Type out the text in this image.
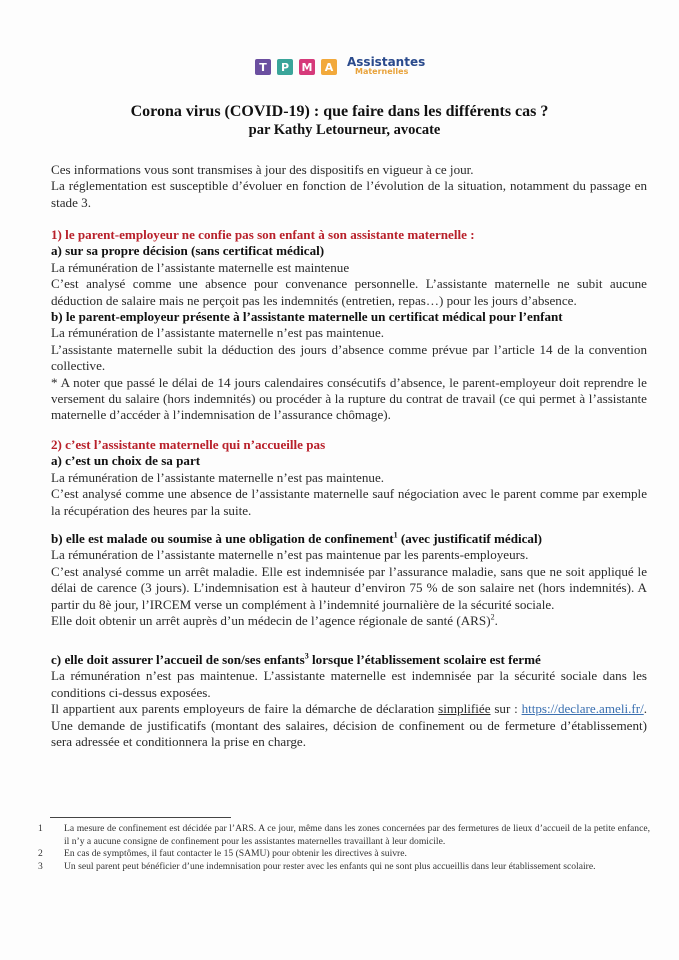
T	P	M	A	Assistantes
Maternelles
Corona virus (COVID-19) : que faire dans les différents cas ?
par Kathy Letourneur, avocate

Ces informations vous sont transmises à jour des dispositifs en vigueur à ce jour.

La réglementation est susceptible d’évoluer en fonction de l’évolution de la situation, notamment du passage en stade 3.

1) le parent-employeur ne confie pas son enfant à son assistante maternelle :

a) sur sa propre décision (sans certificat médical)

La rémunération de l’assistante maternelle est maintenue

C’est analysé comme une absence pour convenance personnelle. L’assistante maternelle ne subit aucune déduction de salaire mais ne perçoit pas les indemnités (entretien, repas…) pour les jours d’absence.

b) le parent-employeur présente à l’assistante maternelle un certificat médical pour l’enfant

La rémunération de l’assistante maternelle n’est pas maintenue.

L’assistante maternelle subit la déduction des jours d’absence comme prévue par l’article 14 de la convention collective.

* A noter que passé le délai de 14 jours calendaires consécutifs d’absence, le parent-employeur doit reprendre le versement du salaire (hors indemnités) ou procéder à la rupture du contrat de travail (ce qui permet à l’assistante maternelle d’accéder à l’indemnisation de l’assurance chômage).

2) c’est l’assistante maternelle qui n’accueille pas

a) c’est un choix de sa part

La rémunération de l’assistante maternelle n’est pas maintenue.

C’est analysé comme une absence de l’assistante maternelle sauf négociation avec le parent comme par exemple la récupération des heures par la suite.

b) elle est malade ou soumise à une obligation de confinement$^1$ (avec justificatif médical)

La rémunération de l’assistante maternelle n’est pas maintenue par les parents-employeurs.

C’est analysé comme un arrêt maladie. Elle est indemnisée par l’assurance maladie, sans que ne soit appliqué le délai de carence (3 jours). L’indemnisation est à hauteur d’environ 75 % de son salaire net (hors indemnités). A partir du 8è jour, l’IRCEM verse un complément à l’indemnité journalière de la sécurité sociale.

Elle doit obtenir un arrêt auprès d’un médecin de l’agence régionale de santé (ARS)$^2$.

c) elle doit assurer l’accueil de son/ses enfants$^3$ lorsque l’établissement scolaire est fermé

La rémunération n’est pas maintenue. L’assistante maternelle est indemnisée par la sécurité sociale dans les conditions ci-dessus exposées.

Il appartient aux parents employeurs de faire la démarche de déclaration simplifiée sur : https://declare.ameli.fr/. Une demande de justificatifs (montant des salaires, décision de confinement ou de fermeture d’établissement) sera adressée et conditionnera la prise en charge.

1	La mesure de confinement est décidée par l’ARS. A ce jour, même dans les zones concernées par des fermetures de lieux d’accueil de la petite enfance, il n’y a aucune consigne de confinement pour les assistantes maternelles travaillant à leur domicile.
2	En cas de symptômes, il faut contacter le 15 (SAMU) pour obtenir les directives à suivre.
3	Un seul parent peut bénéficier d’une indemnisation pour rester avec les enfants qui ne sont plus accueillis dans leur établissement scolaire.
